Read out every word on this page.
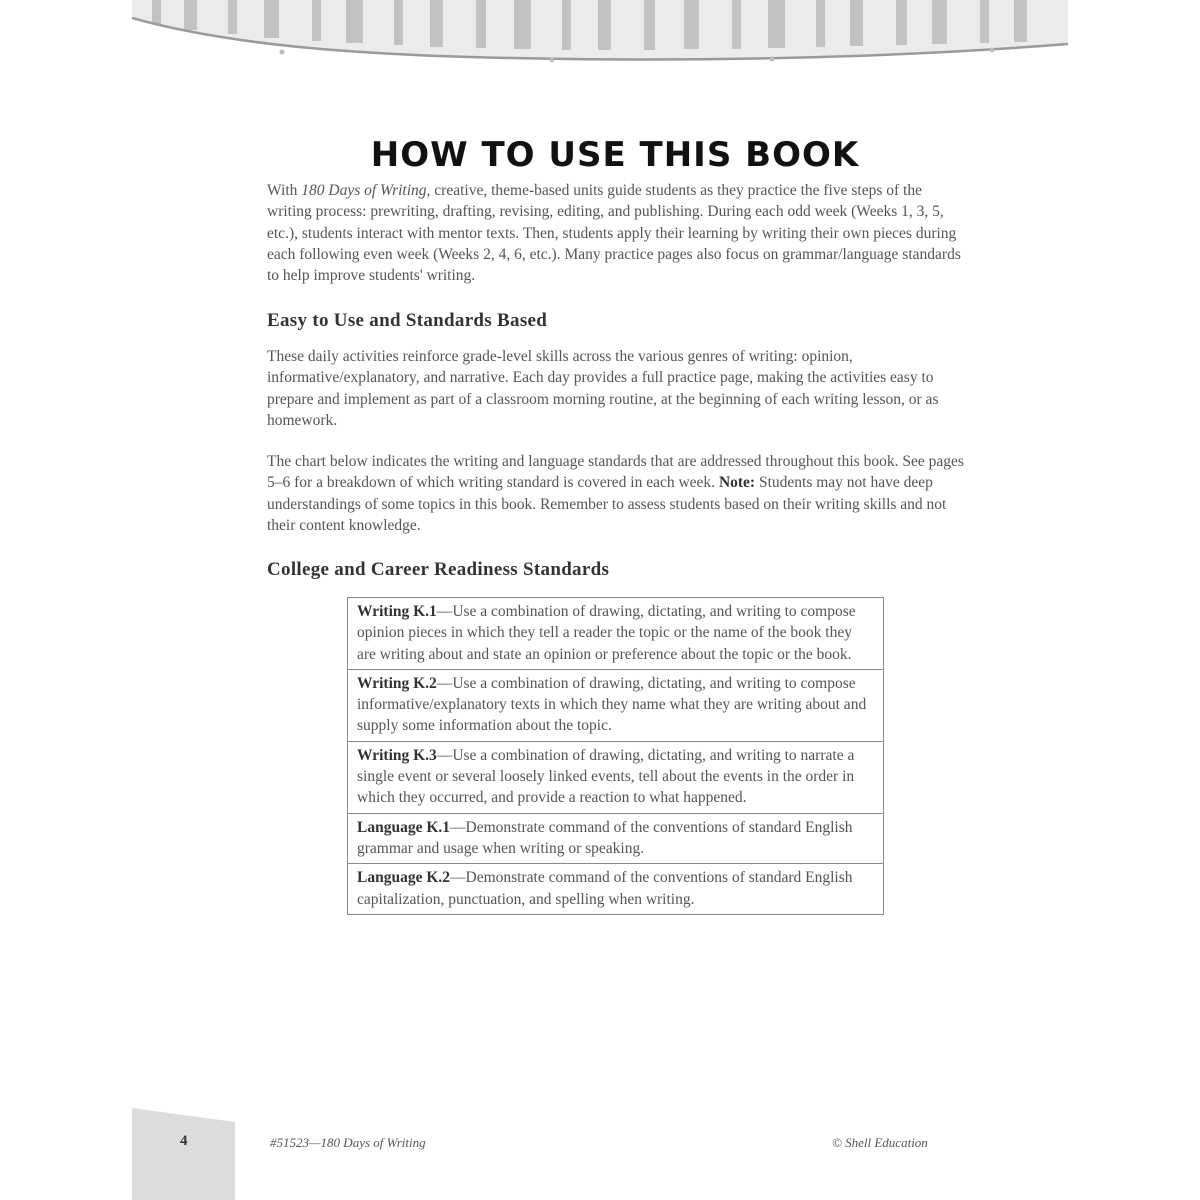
HOW TO USE THIS BOOK

With 180 Days of Writing, creative, theme-based units guide students as they practice the five steps of the writing process: prewriting, drafting, revising, editing, and publishing. During each odd week (Weeks 1, 3, 5, etc.), students interact with mentor texts. Then, students apply their learning by writing their own pieces during each following even week (Weeks 2, 4, 6, etc.). Many practice pages also focus on grammar/language standards to help improve students' writing.

Easy to Use and Standards Based

These daily activities reinforce grade-level skills across the various genres of writing: opinion, informative/explanatory, and narrative. Each day provides a full practice page, making the activities easy to prepare and implement as part of a classroom morning routine, at the beginning of each writing lesson, or as homework.

The chart below indicates the writing and language standards that are addressed throughout this book. See pages 5–6 for a breakdown of which writing standard is covered in each week. Note: Students may not have deep understandings of some topics in this book. Remember to assess students based on their writing skills and not their content knowledge.

College and Career Readiness Standards
Writing K.1—Use a combination of drawing, dictating, and writing to compose opinion pieces in which they tell a reader the topic or the name of the book they are writing about and state an opinion or preference about the topic or the book.
Writing K.2—Use a combination of drawing, dictating, and writing to compose informative/explanatory texts in which they name what they are writing about and supply some information about the topic.
Writing K.3—Use a combination of drawing, dictating, and writing to narrate a single event or several loosely linked events, tell about the events in the order in which they occurred, and provide a reaction to what happened.
Language K.1—Demonstrate command of the conventions of standard English grammar and usage when writing or speaking.
Language K.2—Demonstrate command of the conventions of standard English capitalization, punctuation, and spelling when writing.
4	#51523—180 Days of Writing	© Shell Education
